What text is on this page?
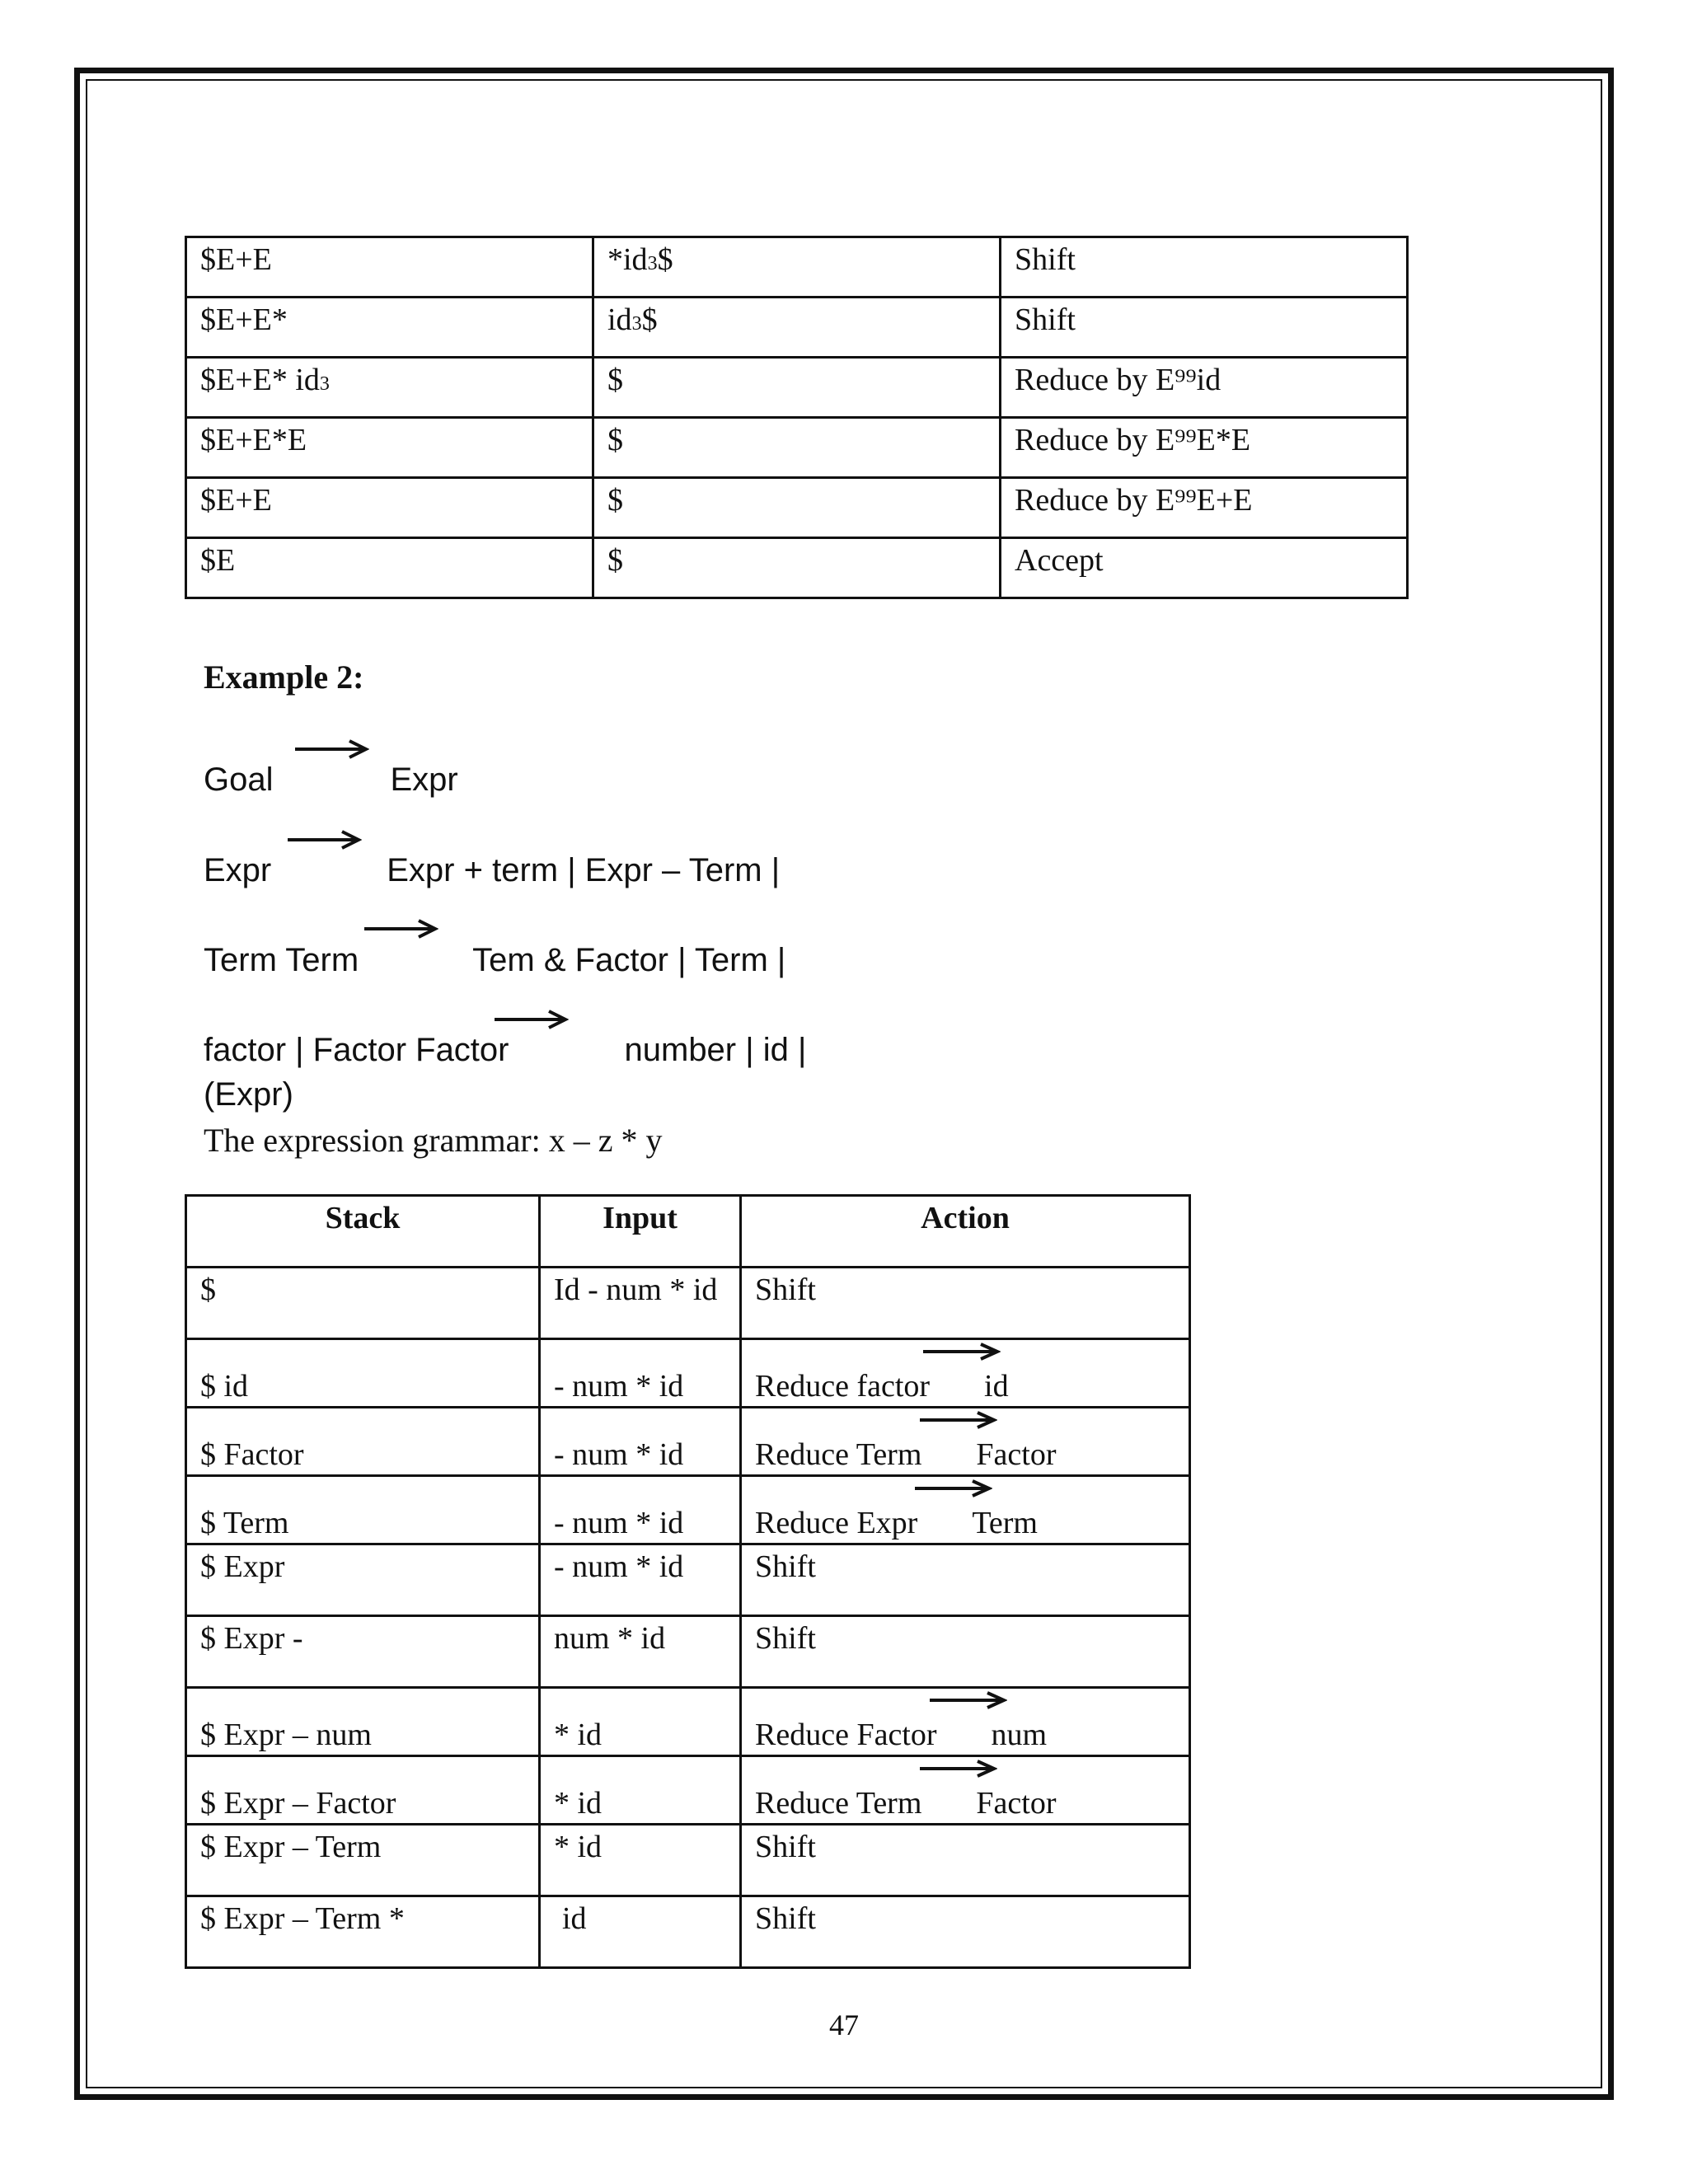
$E+E	*id3$	Shift
$E+E*	id3$	Shift
$E+E* id3	$	Reduce by E⁹⁹id
$E+E*E	$	Reduce by E⁹⁹E*E
$E+E	$	Reduce by E⁹⁹E+E
$E	$	Accept
Example 2:
Goal	Expr
Expr	Expr + term | Expr – Term |
Term Term	Tem & Factor | Term |
factor | Factor Factor	number | id |
(Expr)
The expression grammar: x – z * y
Stack	Input	Action
$	Id - num * id	Shift
$ id	- num * id	Reduce factor id
$ Factor	- num * id	Reduce Term Factor
$ Term	- num * id	Reduce Expr Term
$ Expr	- num * id	Shift
$ Expr -	num * id	Shift
$ Expr – num	* id	Reduce Factor num
$ Expr – Factor	* id	Reduce Term Factor
$ Expr – Term	* id	Shift
$ Expr – Term *	id	Shift
47
